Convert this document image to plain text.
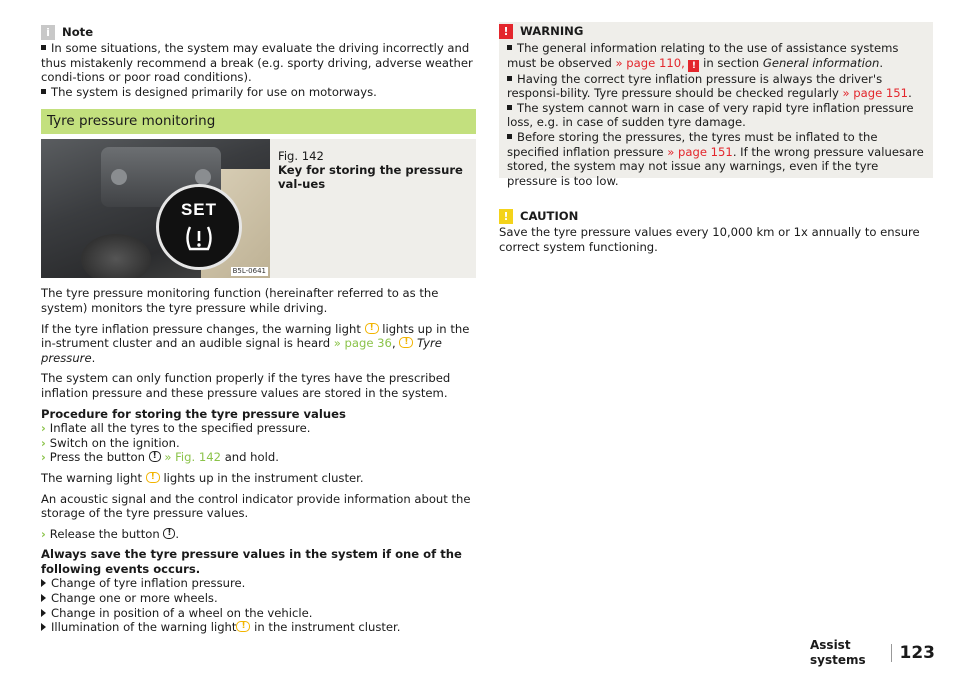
i	Note

In some situations, the system may evaluate the driving incorrectly and thus mistakenly recommend a break (e.g. sporty driving, adverse weather condi-tions or poor road conditions).

The system is designed primarily for use on motorways.

Tyre pressure monitoring
SET
B5L-0641
Fig. 142
Key for storing the pressure val-ues

The tyre pressure monitoring function (hereinafter referred to as the system) monitors the tyre pressure while driving.

If the tyre inflation pressure changes, the warning light ! lights up in the in-strument cluster and an audible signal is heard » page 36, ! Tyre pressure.

The system can only function properly if the tyres have the prescribed inflation pressure and these pressure values are stored in the system.

Procedure for storing the tyre pressure values

› Inflate all the tyres to the specified pressure.

› Switch on the ignition.

› Press the button ! » Fig. 142 and hold.

The warning light ! lights up in the instrument cluster.

An acoustic signal and the control indicator provide information about the storage of the tyre pressure values.

› Release the button ! .

Always save the tyre pressure values in the system if one of the following events occurs.

Change of tyre inflation pressure.

Change one or more wheels.

Change in position of a wheel on the vehicle.

Illumination of the warning light ! in the instrument cluster.

! WARNING

The general information relating to the use of assistance systems must be observed » page 110, ! in section General information.

Having the correct tyre inflation pressure is always the driver's responsi-bility. Tyre pressure should be checked regularly » page 151.

The system cannot warn in case of very rapid tyre inflation pressure loss, e.g. in case of sudden tyre damage.

Before storing the pressures, the tyres must be inflated to the specified inflation pressure » page 151. If the wrong pressure valuesare stored, the system may not issue any warnings, even if the tyre pressure is too low.

! CAUTION

Save the tyre pressure values every 10,000 km or 1x annually to ensure correct system functioning.

Assist systems	123
